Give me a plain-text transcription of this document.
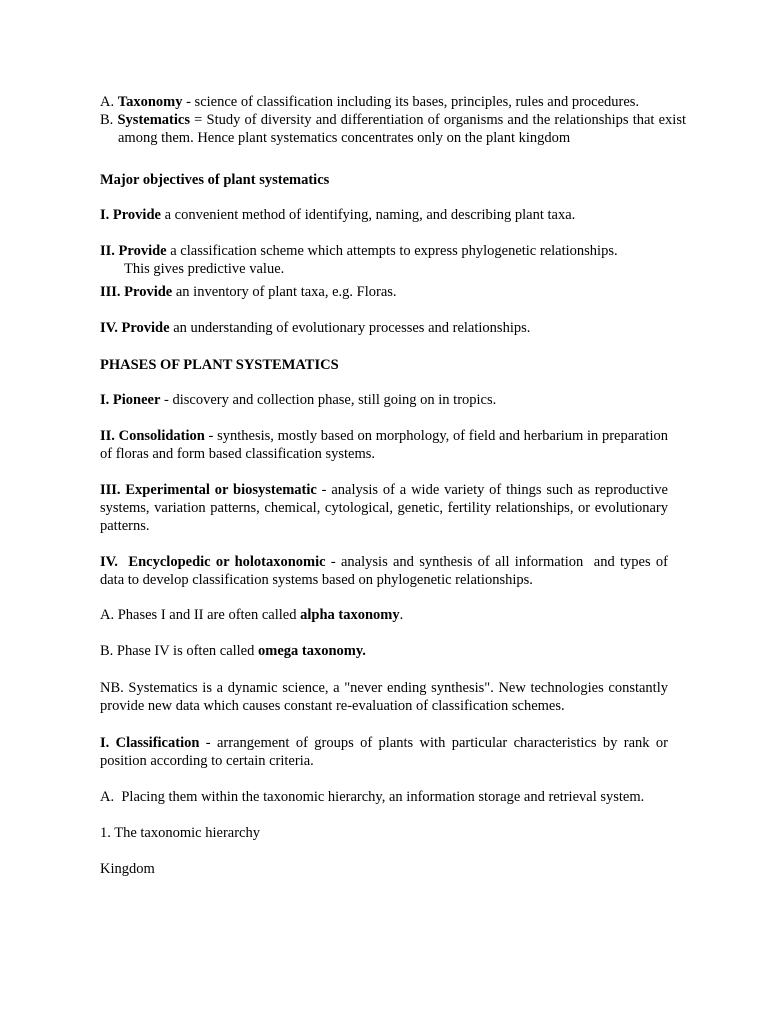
A. Taxonomy - science of classification including its bases, principles, rules and procedures.
B. Systematics = Study of diversity and differentiation of organisms and the relationships that exist among them. Hence plant systematics concentrates only on the plant kingdom
Major objectives of plant systematics
I. Provide a convenient method of identifying, naming, and describing plant taxa.
II. Provide a classification scheme which attempts to express phylogenetic relationships.
This gives predictive value.
III. Provide an inventory of plant taxa, e.g. Floras.
IV. Provide an understanding of evolutionary processes and relationships.
PHASES OF PLANT SYSTEMATICS
I. Pioneer - discovery and collection phase, still going on in tropics.
II. Consolidation - synthesis, mostly based on morphology, of field and herbarium in preparation of floras and form based classification systems.
III. Experimental or biosystematic - analysis of a wide variety of things such as reproductive systems, variation patterns, chemical, cytological, genetic, fertility relationships, or evolutionary patterns.
IV.  Encyclopedic or holotaxonomic - analysis and synthesis of all information  and types of data to develop classification systems based on phylogenetic relationships.
A. Phases I and II are often called alpha taxonomy.
B. Phase IV is often called omega taxonomy.
NB. Systematics is a dynamic science, a "never ending synthesis". New technologies constantly provide new data which causes constant re-evaluation of classification schemes.
I. Classification - arrangement of groups of plants with particular characteristics by rank or position according to certain criteria.
A.  Placing them within the taxonomic hierarchy, an information storage and retrieval system.
1. The taxonomic hierarchy
Kingdom
